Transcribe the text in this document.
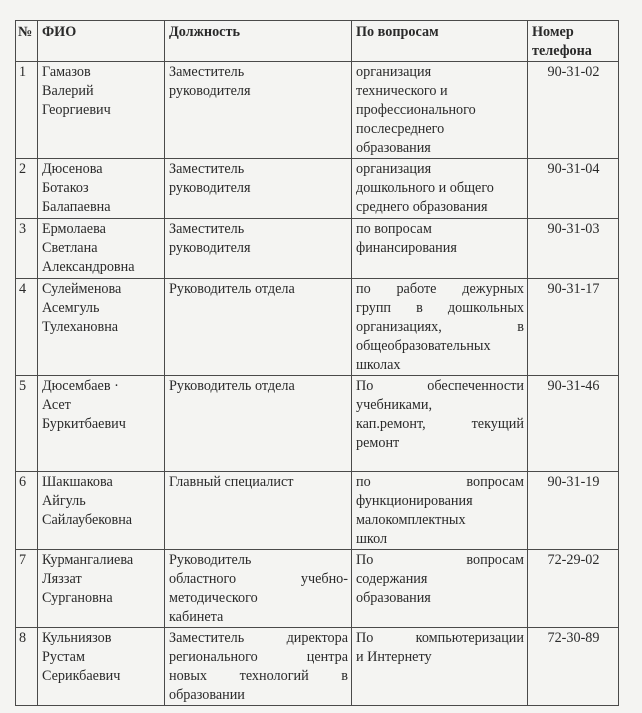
№	ФИО	Должность	По вопросам	Номер телефона
1	Гамазов
Валерий
Георгиевич	Заместитель
руководителя	организация
технического и
профессионального
послесреднего
образования	90-31-02
2	Дюсенова
Ботакоз
Балапаевна	Заместитель
руководителя	организация
дошкольного и общего
среднего образования	90-31-04
3	Ермолаева
Светлана
Александровна	Заместитель
руководителя	по вопросам
финансирования	90-31-03
4	Сулейменова
Асемгуль
Тулехановна	Руководитель отдела	по работе дежурных
групп в дошкольных
организациях, в
общеобразовательных
школах	90-31-17
5	Дюсембаев ·
Асет
Буркитбаевич	Руководитель отдела	По обеспеченности
учебниками,
кап.ремонт, текущий
ремонт	90-31-46
6	Шакшакова
Айгуль
Сайлаубековна	Главный специалист	по вопросам
функционирования
малокомплектных
школ	90-31-19
7	Курмангалиева
Ляззат
Сургановна	Руководитель
областного учебно-
методического
кабинета	По вопросам
содержания
образования	72-29-02
8	Кульниязов
Рустам
Серикбаевич	Заместитель директора
регионального центра
новых технологий в
образовании	По компьютеризации
и Интернету	72-30-89
